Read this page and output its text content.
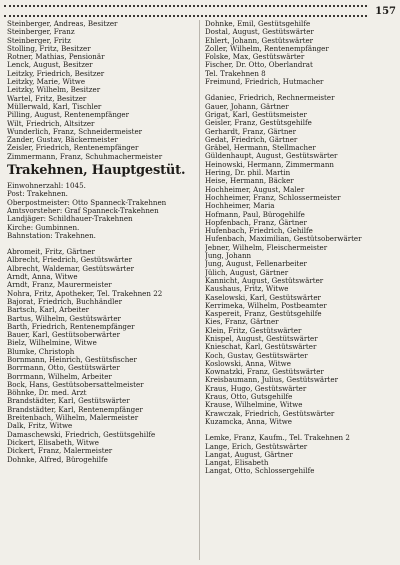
157
Steinberger, Andreas, Besitzer
Steinberger, Franz
Steinberger, Fritz
Stolling, Fritz, Besitzer
Rotner, Mathias, Pensionär
Lenck, August, Besitzer
Leitzky, Friedrich, Besitzer
Leitzky, Marie, Witwe
Leitzky, Wilhelm, Besitzer
Wartel, Fritz, Besitzer
Müllerwald, Karl, Tischler
Pilling, August, Rentenempfänger
Wilt, Friedrich, Altsitzer
Wunderlich, Franz, Schneidermeister
Zander, Gustav, Bäckermeister
Zeisler, Friedrich, Rentenempfänger
Zimmermann, Franz, Schuhmachermeister
Trakehnen, Hauptgestüt.
Einwohnerzahl: 1045.
Post: Trakehnen.
Oberpostmeister: Otto Spanneck-Trakehnen
Amtsvorsteher: Graf Spanneck-Trakehnen
Landjäger: Schildhauer-Trakehnen
Kirche: Gumbinnen.
Bahnstation: Trakehnen.
Abromeit, Fritz, Gärtner
Albrecht, Friedrich, Gestütswärter
Albrecht, Waldemar, Gestütswärter
Arndt, Anna, Witwe
Arndt, Franz, Maurermeister
Nohra, Fritz, Apotheker, Tel. Trakehnen 22
Bajorat, Friedrich, Buchhändler
Bartsch, Karl, Arbeiter
Bartus, Wilhelm, Gestütswärter
Barth, Friedrich, Rentenempfänger
Bauer, Karl, Gestütsoberwärter
Bielz, Wilhelmine, Witwe
Blumke, Christoph
Bornmann, Heinrich, Gestütsfischer
Borrmann, Otto, Gestütswärter
Borrmann, Wilhelm, Arbeiter
Bock, Hans, Gestütsobersattelmeister
Böhnke, Dr. med. Arzt
Brandstädter, Karl, Gestütswärter
Brandstädter, Karl, Rentenempfänger
Breitenbach, Wilhelm, Malermeister
Dalk, Fritz, Witwe
Damaschewski, Friedrich, Gestütsgehilfe
Dickert, Elisabeth, Witwe
Dickert, Franz, Malermeister
Dohnke, Alfred, Bürogehilfe
Dohnke, Emil, Gestütsgehilfe
Dostal, August, Gestütswärter
Ehlert, Johann, Gestütswärter
Zoller, Wilhelm, Rentenempfänger
Folske, Max, Gestütswärter
Fischer, Dr. Otto, Oberlandrat
Tel. Trakehnen 8
Freimund, Friedrich, Hutmacher
Gdaniec, Friedrich, Rechnermeister
Gauer, Johann, Gärtner
Grigat, Karl, Gestütsmeister
Geisler, Franz, Gestütsgehilfe
Gerhardt, Franz, Gärtner
Gedat, Friedrich, Gärtner
Gräbel, Hermann, Stellmacher
Güldenhaupt, August, Gestütswärter
Heinowski, Hermann, Zimmermann
Hering, Dr. phil. Martin
Heise, Hermann, Bäcker
Hochheimer, August, Maler
Hochheimer, Franz, Schlossermeister
Hochheimer, Maria
Hofmann, Paul, Bürogehilfe
Hopfenbach, Franz, Gärtner
Hufenbach, Friedrich, Gehilfe
Hufenbach, Maximilian, Gestütsoberwärter
Jebner, Wilhelm, Fleischermeister
Jung, Johann
Jung, August, Fellenarbeiter
Jülich, August, Gärtner
Kannicht, August, Gestütswärter
Kaushaus, Fritz, Witwe
Kaselowski, Karl, Gestütswärter
Kerrimeka, Wilhelm, Postbeamter
Kaspereit, Franz, Gestütsgehilfe
Kies, Franz, Gärtner
Klein, Fritz, Gestütswärter
Knispel, August, Gestütswärter
Knieschat, Karl, Gestütswärter
Koch, Gustav, Gestütswärter
Koslowski, Anna, Witwe
Kownatzki, Franz, Gestütswärter
Kreisbaumann, Julius, Gestütswärter
Kraus, Hugo, Gestütswärter
Kraus, Otto, Gutsgehilfe
Krause, Wilhelmine, Witwe
Krawczak, Friedrich, Gestütswärter
Kuzamcka, Anna, Witwe
Lemke, Franz, Kaufm., Tel. Trakehnen 2
Lange, Erich, Gestütswärter
Langat, August, Gärtner
Langat, Elisabeth
Langat, Otto, Schlossergehilfe
